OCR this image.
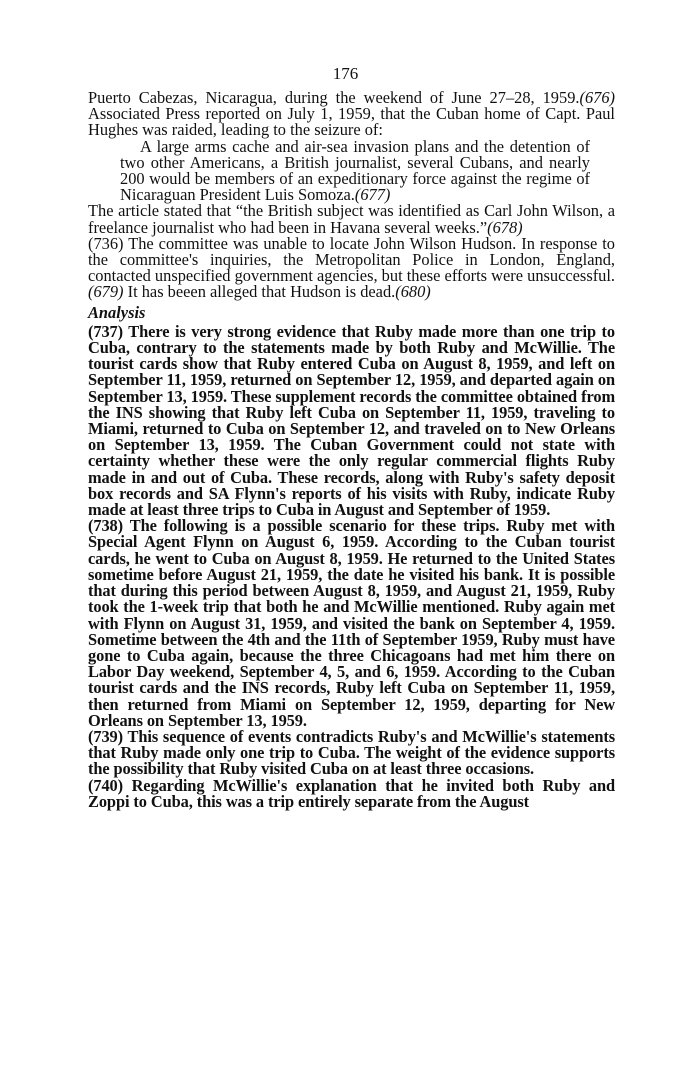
176

Puerto Cabezas, Nicaragua, during the weekend of June 27–28, 1959.(676) Associated Press reported on July 1, 1959, that the Cuban home of Capt. Paul Hughes was raided, leading to the seizure of:

A large arms cache and air-sea invasion plans and the detention of two other Americans, a British journalist, several Cubans, and nearly 200 would be members of an expeditionary force against the regime of Nicaraguan President Luis Somoza.(677)

The article stated that “the British subject was identified as Carl John Wilson, a freelance journalist who had been in Havana several weeks.”(678)

(736) The committee was unable to locate John Wilson Hudson. In response to the committee's inquiries, the Metropolitan Police in London, England, contacted unspecified government agencies, but these efforts were unsuccessful.(679) It has beeen alleged that Hudson is dead.(680)

Analysis

(737) There is very strong evidence that Ruby made more than one trip to Cuba, contrary to the statements made by both Ruby and McWillie. The tourist cards show that Ruby entered Cuba on August 8, 1959, and left on September 11, 1959, returned on September 12, 1959, and departed again on September 13, 1959. These supplement records the committee obtained from the INS showing that Ruby left Cuba on September 11, 1959, traveling to Miami, returned to Cuba on September 12, and traveled on to New Orleans on September 13, 1959. The Cuban Government could not state with certainty whether these were the only regular commercial flights Ruby made in and out of Cuba. These records, along with Ruby's safety deposit box records and SA Flynn's reports of his visits with Ruby, indicate Ruby made at least three trips to Cuba in August and September of 1959.

(738) The following is a possible scenario for these trips. Ruby met with Special Agent Flynn on August 6, 1959. According to the Cuban tourist cards, he went to Cuba on August 8, 1959. He returned to the United States sometime before August 21, 1959, the date he visited his bank. It is possible that during this period between August 8, 1959, and August 21, 1959, Ruby took the 1-week trip that both he and McWillie mentioned. Ruby again met with Flynn on August 31, 1959, and visited the bank on September 4, 1959. Sometime between the 4th and the 11th of September 1959, Ruby must have gone to Cuba again, because the three Chicagoans had met him there on Labor Day weekend, September 4, 5, and 6, 1959. According to the Cuban tourist cards and the INS records, Ruby left Cuba on September 11, 1959, then returned from Miami on September 12, 1959, departing for New Orleans on September 13, 1959.

(739) This sequence of events contradicts Ruby's and McWillie's statements that Ruby made only one trip to Cuba. The weight of the evidence supports the possibility that Ruby visited Cuba on at least three occasions.

(740) Regarding McWillie's explanation that he invited both Ruby and Zoppi to Cuba, this was a trip entirely separate from the August
